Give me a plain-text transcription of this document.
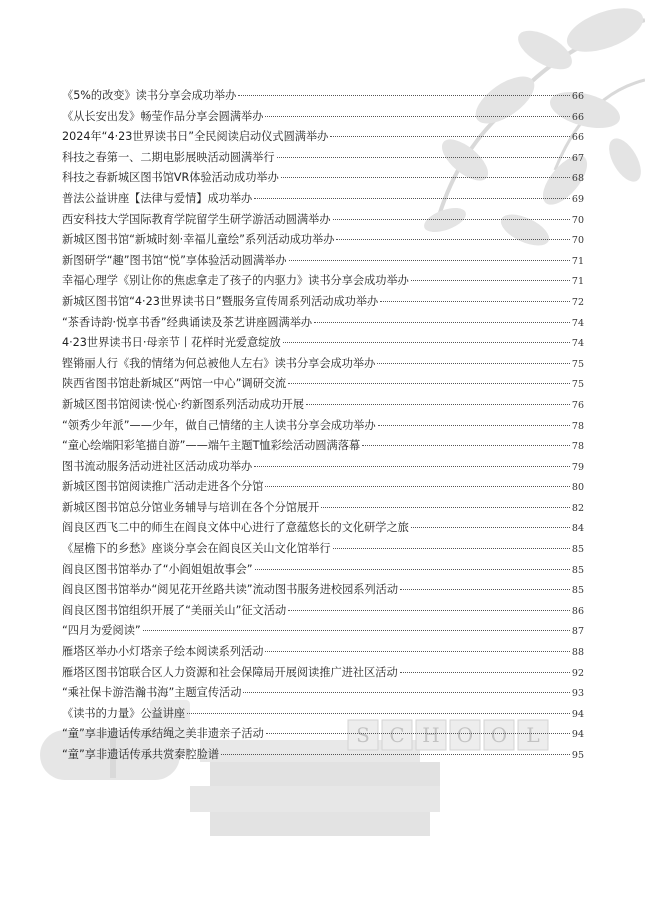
S C H O O L
《5%的改变》读书分享会成功举办	66
《从长安出发》畅莹作品分享会圆满举办	66
2024年“4·23世界读书日”全民阅读启动仪式圆满举办	66
科技之春第一、二期电影展映活动圆满举行	67
科技之春新城区图书馆VR体验活动成功举办	68
普法公益讲座【法律与爱情】成功举办	69
西安科技大学国际教育学院留学生研学游活动圆满举办	70
新城区图书馆“新城时刻·幸福儿童绘”系列活动成功举办	70
新图研学“趣”图书馆“悦”享体验活动圆满举办	71
幸福心理学《别让你的焦虑拿走了孩子的内驱力》读书分享会成功举办	71
新城区图书馆“4·23世界读书日”暨服务宣传周系列活动成功举办	72
“茶香诗韵·悦享书香”经典诵读及茶艺讲座圆满举办	74
4·23世界读书日·母亲节丨花样时光爱意绽放	74
铿锵丽人行《我的情绪为何总被他人左右》读书分享会成功举办	75
陕西省图书馆赴新城区“两馆一中心”调研交流	75
新城区图书馆阅读·悦心·约新图系列活动成功开展	76
“领秀少年派”——少年，做自己情绪的主人读书分享会成功举办	78
“童心绘端阳彩笔描自游”——端午主题T恤彩绘活动圆满落幕	78
图书流动服务活动进社区活动成功举办	79
新城区图书馆阅读推广活动走进各个分馆	80
新城区图书馆总分馆业务辅导与培训在各个分馆展开	82
阎良区西飞二中的师生在阎良文体中心进行了意蕴悠长的文化研学之旅	84
《屋檐下的乡愁》座谈分享会在阎良区关山文化馆举行	85
阎良区图书馆举办了“小阎姐姐故事会”	85
阎良区图书馆举办“阅见花开丝路共读”流动图书服务进校园系列活动	85
阎良区图书馆组织开展了“美丽关山”征文活动	86
“四月为爱阅读”	87
雁塔区举办小灯塔亲子绘本阅读系列活动	88
雁塔区图书馆联合区人力资源和社会保障局开展阅读推广进社区活动	92
“乘社保卡游浩瀚书海”主题宣传活动	93
《读书的力量》公益讲座	94
“童”享非遗话传承结绳之美非遗亲子活动	94
“童”享非遗话传承共赏秦腔脸谱	95
